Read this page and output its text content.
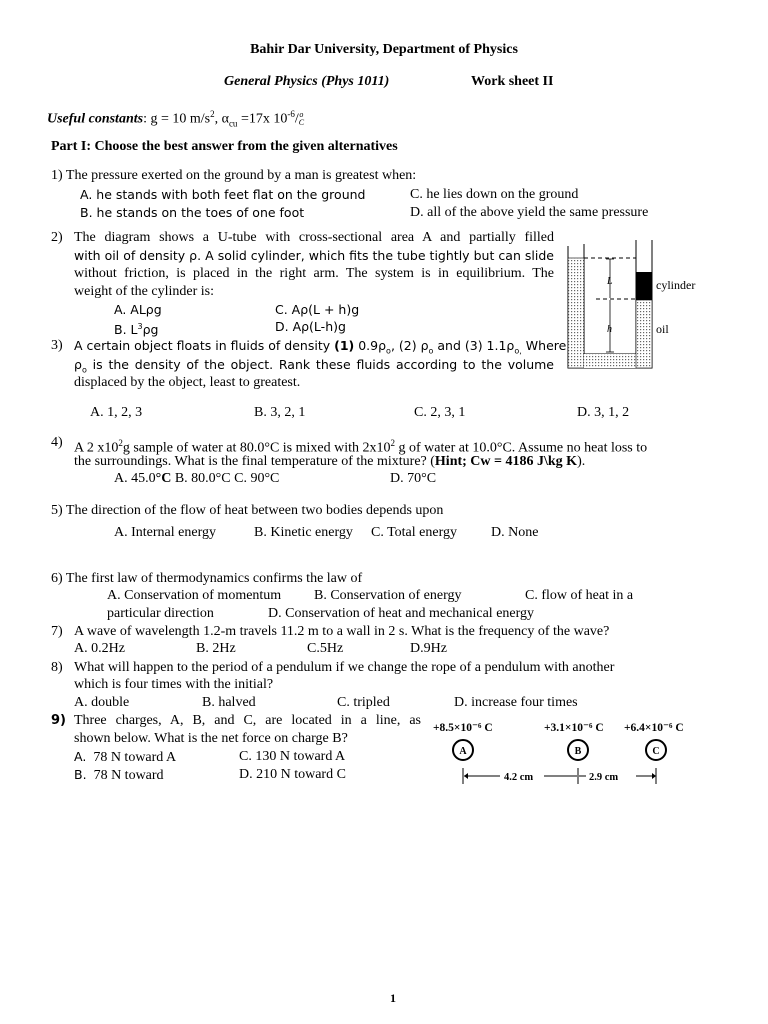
Bahir Dar University, Department of Physics
General Physics (Phys 1011)	Work sheet II
Useful constants: g = 10 $m/s^2$, $\alpha_{cu} =17x$ $10^{-6}/$ o
C
Part I: Choose the best answer from the given alternatives
1) The pressure exerted on the ground by a man is greatest when:
A. he stands with both feet flat on the ground
B. he stands on the toes of one foot
C. he lies down on the ground
D. all of the above yield the same pressure
2) The diagram shows a U-tube with cross-sectional area A and partially filled
with oil of density ρ. A solid cylinder, which fits the tube tightly but can slide
without friction, is placed in the right arm. The system is in equilibrium. The
weight of the cylinder is:
A. ALρg
B. $L^3\rho g$
C. Aρ(L + h)g
D. Aρ(L-h)g
L
h
cylinder
oil
3) A certain object floats in fluids of density (1) $0.9\rho_o$, (2) $\rho_o$ and (3) $1.1\rho_{o,}$ Where
$\rho_o$ is the density of the object. Rank these fluids according to the volume
displaced by the object, least to greatest.
A. 1, 2, 3	B. 3, 2, 1	C. 2, 3, 1	D. 3, 1, 2
4) A 2 $x10^2g$ sample of water at 80.0°C is mixed with $2x10^2$ g of water at 10.0°C. Assume no heat loss to
the surroundings. What is the final temperature of the mixture? (Hint; Cw = 4186 J\kg K).
A. 45.0°C B. 80.0°C C. 90°C	D. 70°C
5) The direction of the flow of heat between two bodies depends upon
A. Internal energy	B. Kinetic energy C. Total energy D. None
6) The first law of thermodynamics confirms the law of
A. Conservation of momentum B. Conservation of energy	C. flow of heat in a
particular direction	D. Conservation of heat and mechanical energy
7) A wave of wavelength 1.2-m travels 11.2 m to a wall in 2 s. What is the frequency of the wave?
A. 0.2Hz	B. 2Hz	C.5Hz	D.9Hz
8) What will happen to the period of a pendulum if we change the rope of a pendulum with another
which is four times with the initial?
A. double	B. halved	C. tripled	D. increase four times
9) Three charges, A, B, and C, are located in a line, as
shown below. What is the net force on charge B?
A. 78 N toward A
B. 78 N toward
C. 130 N toward A
D. 210 N toward C
+8.5×10⁻⁶ C	+3.1×10⁻⁶ C +6.4×10⁻⁶ C
A	B	C
4.2 cm	2.9 cm
1
